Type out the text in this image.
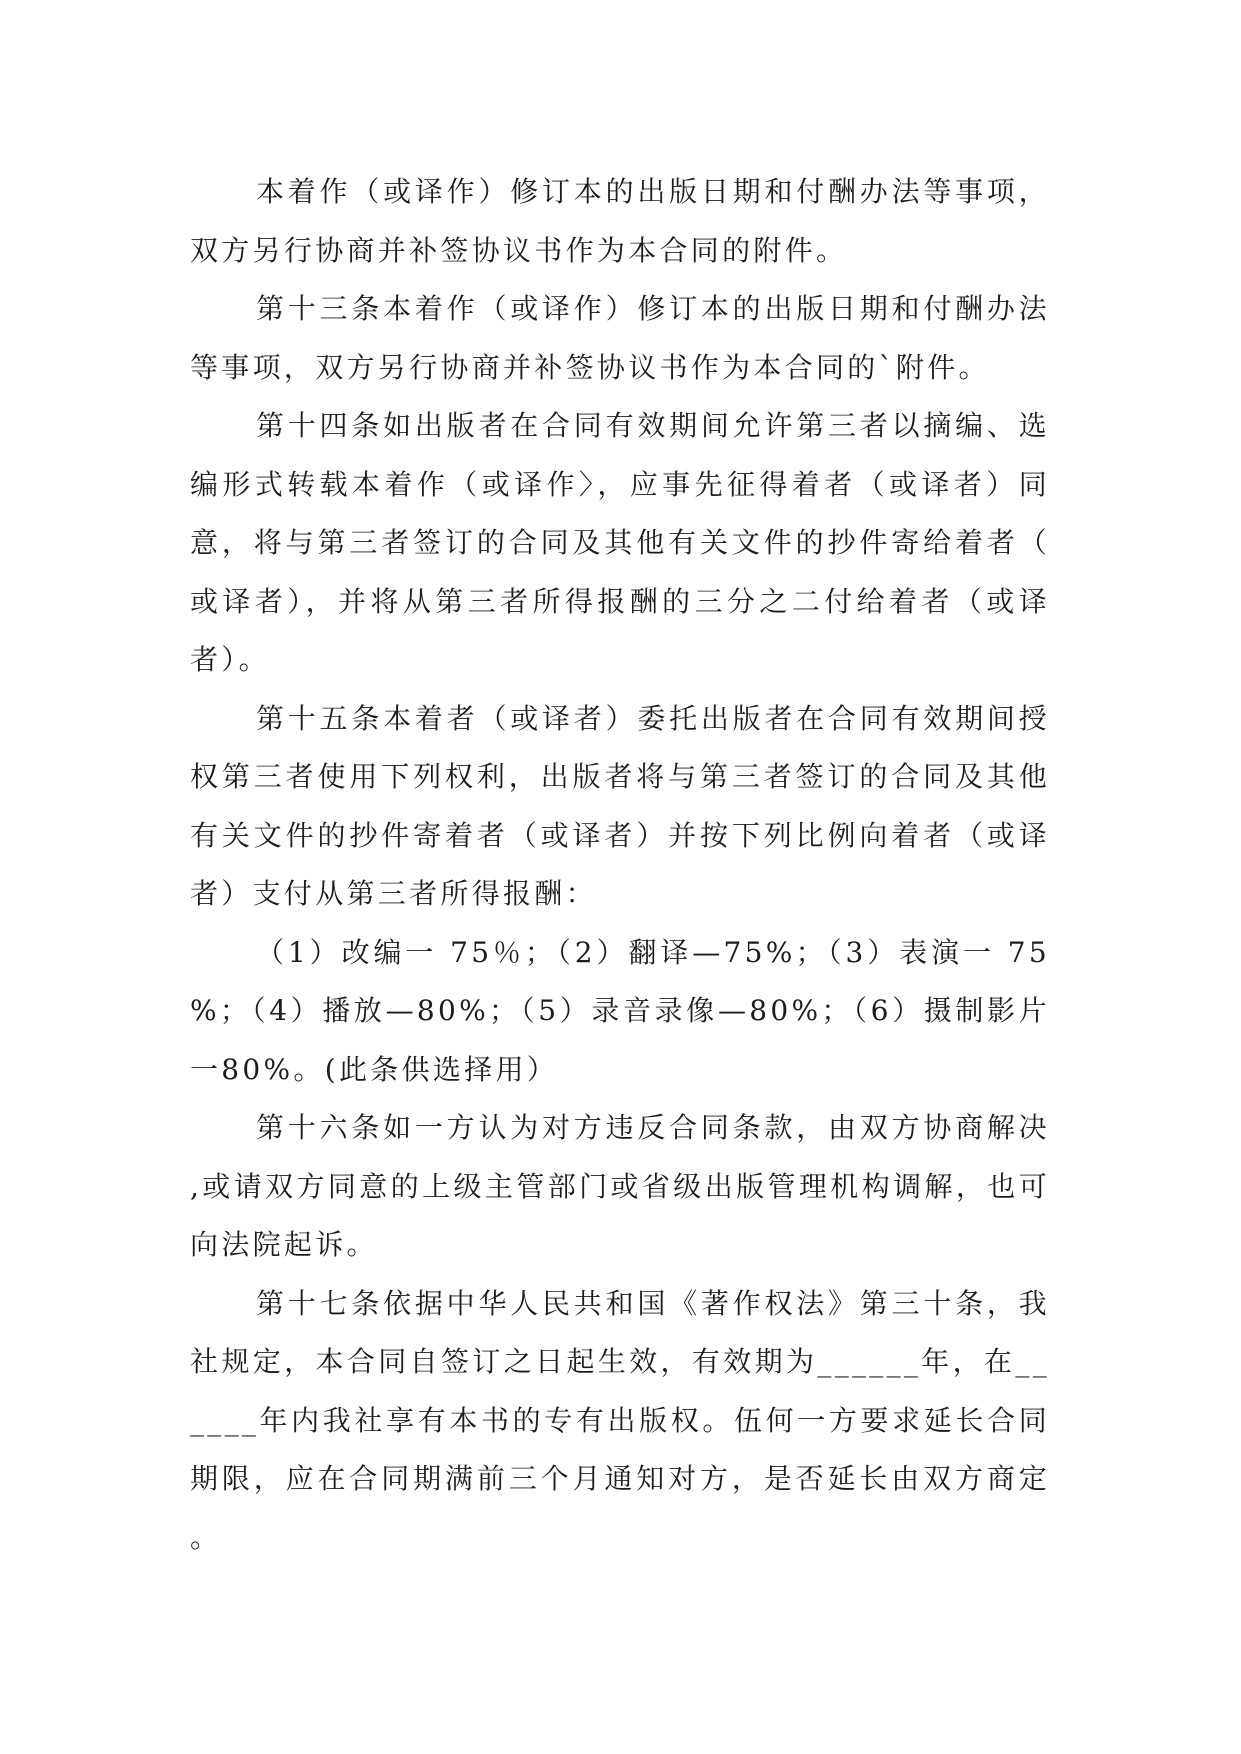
本着作（或译作）修订本的出版日期和付酬办法等事项，双方另行协商并补签协议书作为本合同的附件。

第十三条本着作（或译作）修订本的出版日期和付酬办法等事项，双方另行协商并补签协议书作为本合同的`附件。

第十四条如出版者在合同有效期间允许第三者以摘编、选编形式转载本着作（或译作〉，应事先征得着者（或译者）同意，将与第三者签订的合同及其他有关文件的抄件寄给着者（或译者），并将从第三者所得报酬的三分之二付给着者（或译者）。

第十五条本着者（或译者）委托出版者在合同有效期间授权第三者使用下列权利，出版者将与第三者签订的合同及其他有关文件的抄件寄着者（或译者）并按下列比例向着者（或译者）支付从第三者所得报酬：

（1）改编一 75％；（2）翻译—75%；（3）表演一 75%；（4）播放—80%；（5）录音录像—80%；（6）摄制影片一80%。(此条供选择用）

第十六条如一方认为对方违反合同条款，由双方协商解决,或请双方同意的上级主管部门或省级出版管理机构调解，也可向法院起诉。

第十七条依据中华人民共和国《著作权法》第三十条，我社规定，本合同自签订之日起生效，有效期为______年，在______年内我社享有本书的专有出版权。伍何一方要求延长合同期限，应在合同期满前三个月通知对方，是否延长由双方商定。
